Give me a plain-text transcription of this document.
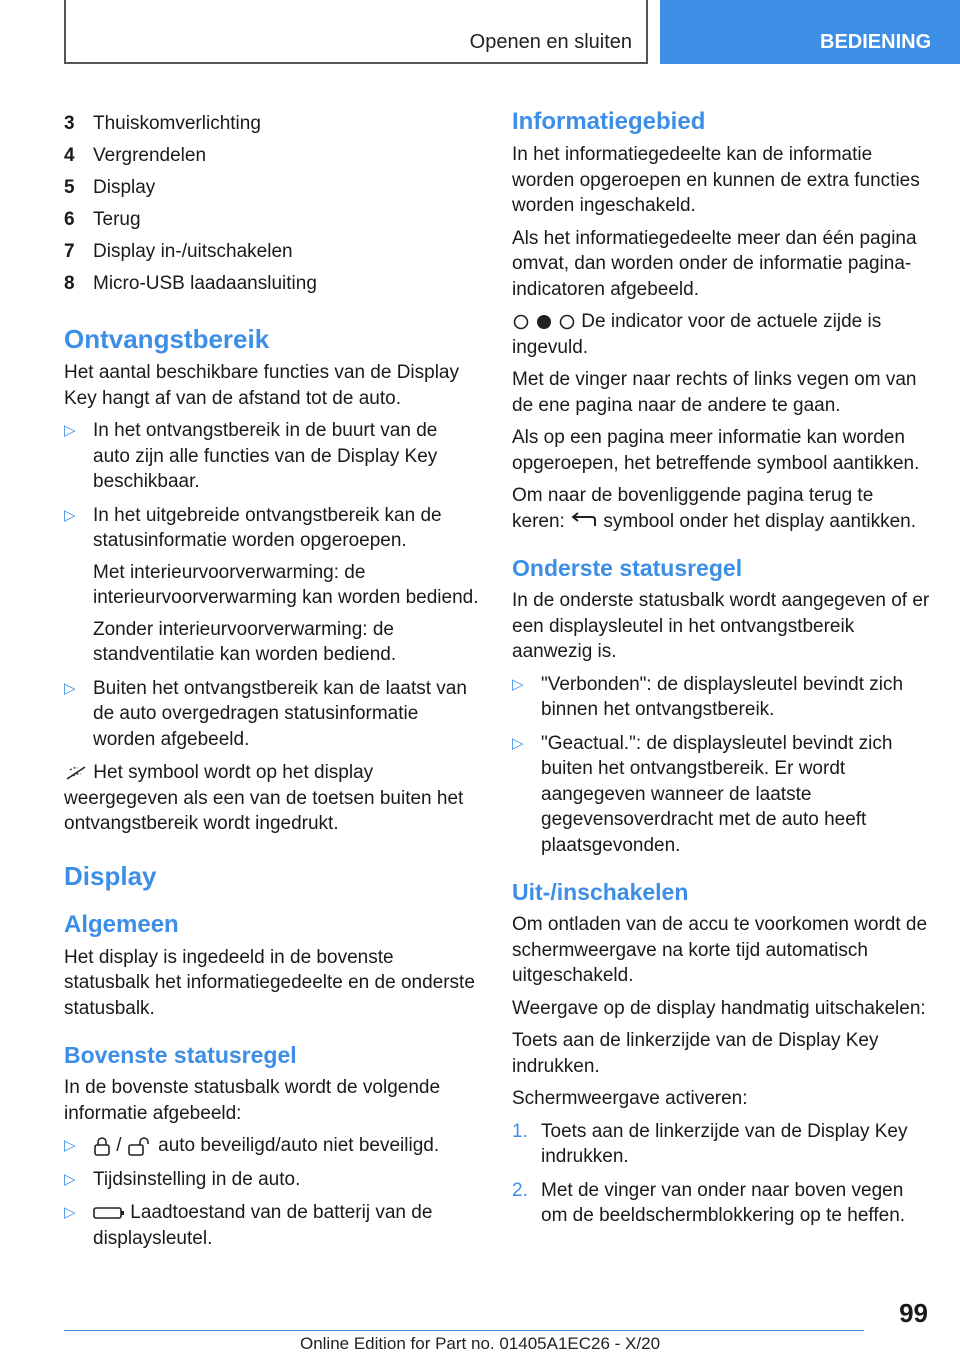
Openen en sluiten	BEDIENING
3 Thuiskomverlichting
4 Vergrendelen
5 Display
6 Terug
7 Display in-/uitschakelen
8 Micro-USB laadaansluiting
Ontvangstbereik

Het aantal beschikbare functies van de Display Key hangt af van de afstand tot de auto.

▷ In het ontvangstbereik in de buurt van de auto zijn alle functies van de Display Key beschikbaar.
▷ In het uitgebreide ontvangstbereik kan de statusinformatie worden opgeroepen.

Met interieurvoorverwarming: de interieurvoorverwarming kan worden bediend.

Zonder interieurvoorverwarming: de standventilatie kan worden bediend.

▷ Buiten het ontvangstbereik kan de laatst van de auto overgedragen statusinformatie worden afgebeeld.

Het symbool wordt op het display weergegeven als een van de toetsen buiten het ontvangstbereik wordt ingedrukt.

Display
Algemeen

Het display is ingedeeld in de bovenste statusbalk het informatiegedeelte en de onderste statusbalk.

Bovenste statusregel

In de bovenste statusbalk wordt de volgende informatie afgebeeld:

▷ / auto beveiligd/auto niet beveiligd.
▷ Tijdsinstelling in de auto.
▷	Laadtoestand van de batterij van de displaysleutel.
Informatiegebied

In het informatiegedeelte kan de informatie worden opgeroepen en kunnen de extra functies worden ingeschakeld.

Als het informatiegedeelte meer dan één pagina omvat, dan worden onder de informatie pagina-indicatoren afgebeeld.

De indicator voor de actuele zijde is ingevuld.

Met de vinger naar rechts of links vegen om van de ene pagina naar de andere te gaan.

Als op een pagina meer informatie kan worden opgeroepen, het betreffende symbool aantikken.

Om naar de bovenliggende pagina terug te keren: symbool onder het display aantikken.

Onderste statusregel

In de onderste statusbalk wordt aangegeven of er een displaysleutel in het ontvangstbereik aanwezig is.

▷ "Verbonden": de displaysleutel bevindt zich binnen het ontvangstbereik.
▷ "Geactual.": de displaysleutel bevindt zich buiten het ontvangstbereik. Er wordt aangegeven wanneer de laatste gegevensoverdracht met de auto heeft plaatsgevonden.
Uit-/inschakelen

Om ontladen van de accu te voorkomen wordt de schermweergave na korte tijd automatisch uitgeschakeld.

Weergave op de display handmatig uitschakelen:

Toets aan de linkerzijde van de Display Key indrukken.

Schermweergave activeren:

1. Toets aan de linkerzijde van de Display Key indrukken.
2. Met de vinger van onder naar boven vegen om de beeldschermblokkering op te heffen.
99
Online Edition for Part no. 01405A1EC26 - X/20
